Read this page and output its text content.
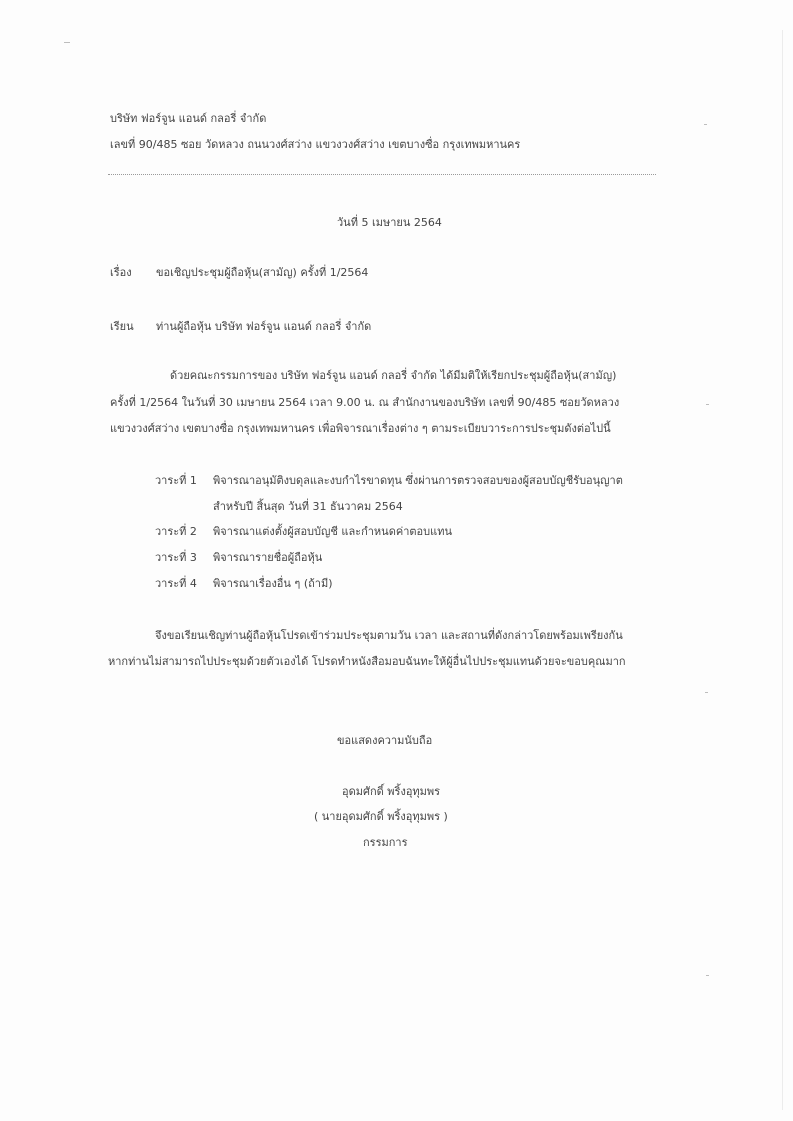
บริษัท ฟอร์จูน แอนด์ กลอรี่ จำกัด
เลขที่ 90/485 ซอย วัดหลวง ถนนวงศ์สว่าง แขวงวงศ์สว่าง เขตบางซื่อ กรุงเทพมหานคร
วันที่ 5 เมษายน 2564
เรื่อง ขอเชิญประชุมผู้ถือหุ้น(สามัญ) ครั้งที่ 1/2564
เรียน ท่านผู้ถือหุ้น บริษัท ฟอร์จูน แอนด์ กลอรี่ จำกัด
ด้วยคณะกรรมการของ บริษัท ฟอร์จูน แอนด์ กลอรี่ จำกัด ได้มีมติให้เรียกประชุมผู้ถือหุ้น(สามัญ)
ครั้งที่ 1/2564 ในวันที่ 30 เมษายน 2564 เวลา 9.00 น. ณ สำนักงานของบริษัท เลขที่ 90/485 ซอยวัดหลวง
แขวงวงศ์สว่าง เขตบางซื่อ กรุงเทพมหานคร เพื่อพิจารณาเรื่องต่าง ๆ ตามระเบียบวาระการประชุมดังต่อไปนี้
วาระที่ 1 พิจารณาอนุมัติงบดุลและงบกำไรขาดทุน ซึ่งผ่านการตรวจสอบของผู้สอบบัญชีรับอนุญาต
สำหรับปี สิ้นสุด วันที่ 31 ธันวาคม 2564
วาระที่ 2 พิจารณาแต่งตั้งผู้สอบบัญชี และกำหนดค่าตอบแทน
วาระที่ 3 พิจารณารายชื่อผู้ถือหุ้น
วาระที่ 4 พิจารณาเรื่องอื่น ๆ (ถ้ามี)
จึงขอเรียนเชิญท่านผู้ถือหุ้นโปรดเข้าร่วมประชุมตามวัน เวลา และสถานที่ดังกล่าวโดยพร้อมเพรียงกัน
หากท่านไม่สามารถไปประชุมด้วยตัวเองได้ โปรดทำหนังสือมอบฉันทะให้ผู้อื่นไปประชุมแทนด้วยจะขอบคุณมาก
ขอแสดงความนับถือ
อุดมศักดิ์ พริ้งอุทุมพร
( นายอุดมศักดิ์ พริ้งอุทุมพร )
กรรมการ
